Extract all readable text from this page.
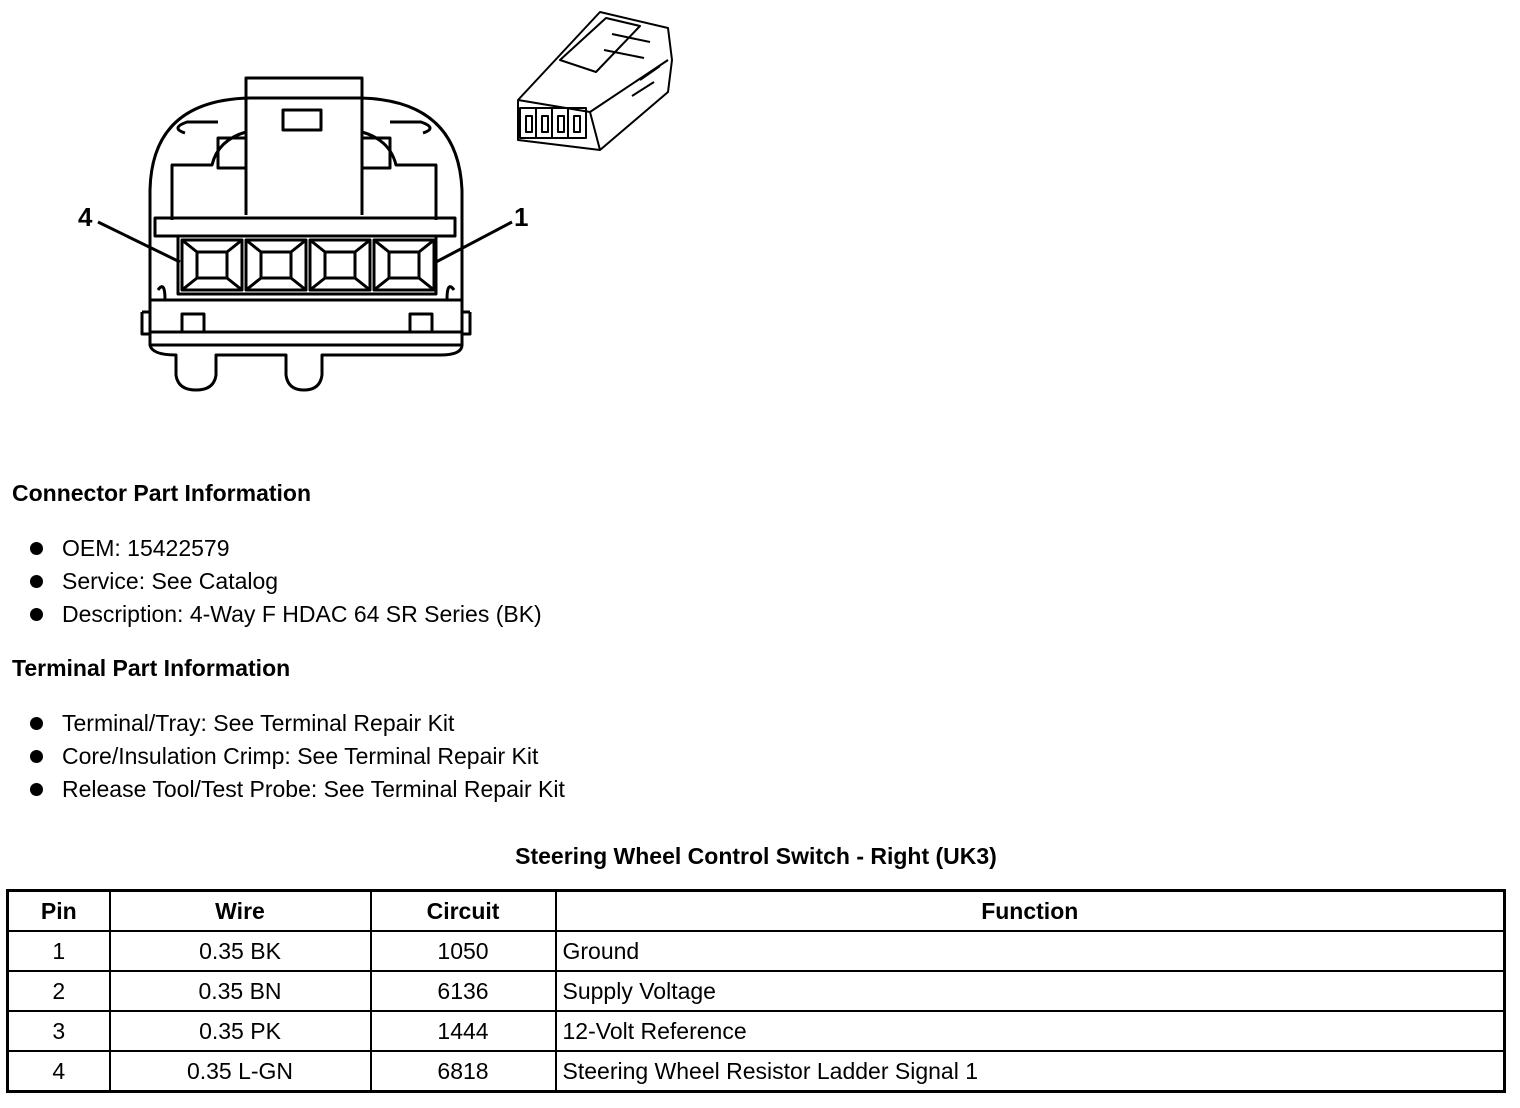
4	1
Connector Part Information
OEM: 15422579
Service: See Catalog
Description: 4-Way F HDAC 64 SR Series (BK)
Terminal Part Information
Terminal/Tray: See Terminal Repair Kit
Core/Insulation Crimp: See Terminal Repair Kit
Release Tool/Test Probe: See Terminal Repair Kit
Steering Wheel Control Switch - Right (UK3)
Pin	Wire	Circuit	Function
1	0.35 BK	1050	Ground
2	0.35 BN	6136	Supply Voltage
3	0.35 PK	1444	12-Volt Reference
4	0.35 L-GN	6818	Steering Wheel Resistor Ladder Signal 1
